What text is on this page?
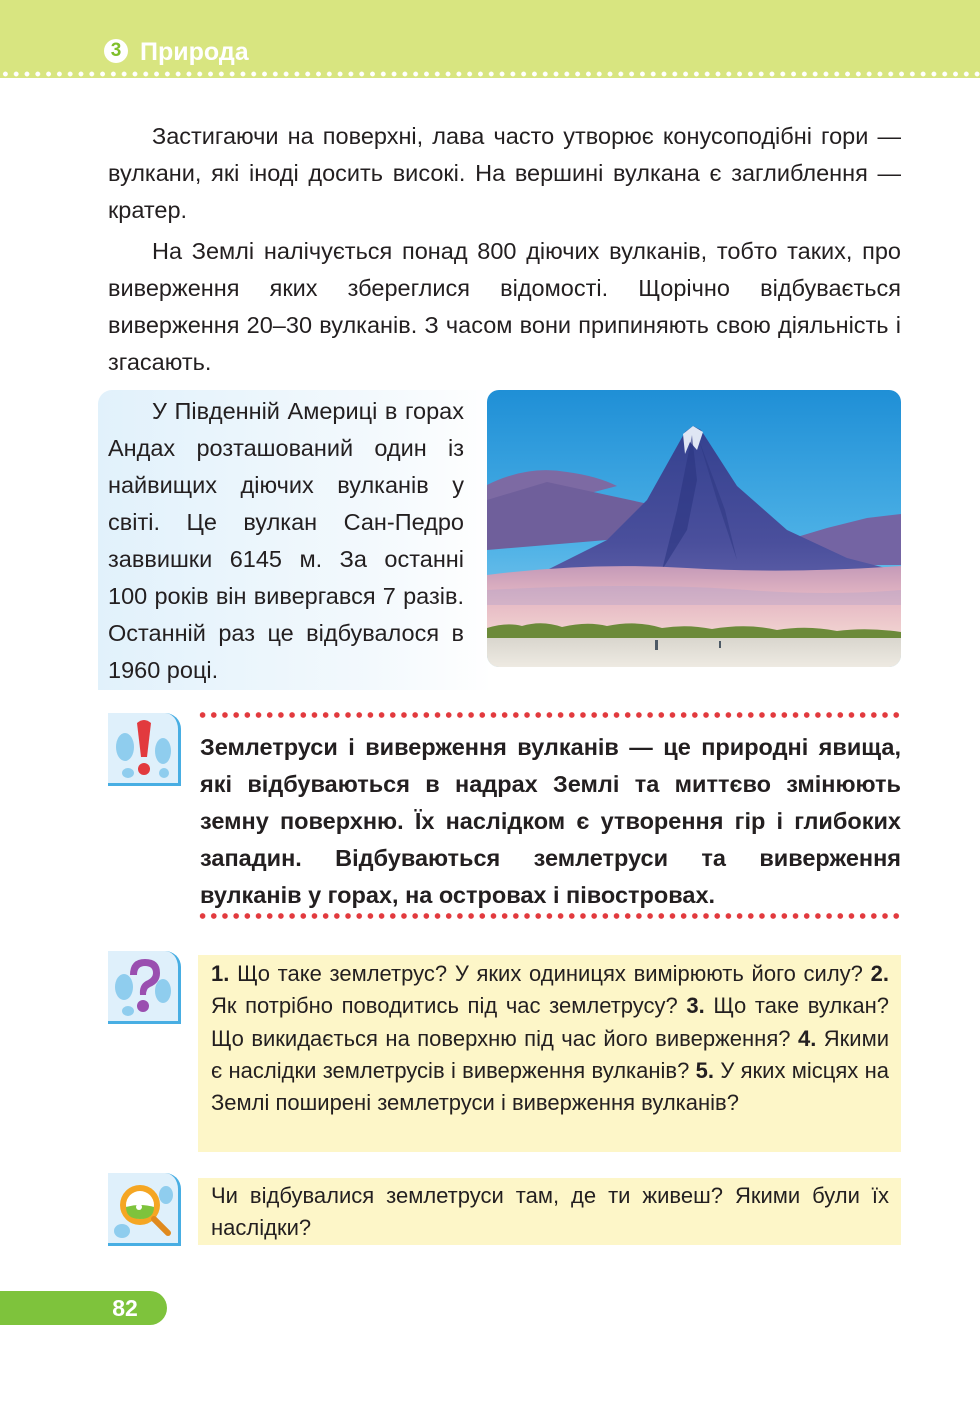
3 Природа

Застигаючи на поверхні, лава часто утворює конусоподібні гори — вулкани, які іноді досить високі. На вершині вулкана є заглиблення — кратер.

На Землі налічується понад 800 діючих вулканів, тобто таких, про виверження яких збереглися відомості. Щорічно відбувається виверження 20–30 вулканів. З часом вони припиняють свою діяльність і згасають.

У Південній Америці в горах Андах розташований один із найвищих діючих вулканів у світі. Це вулкан Сан-Педро заввишки 6145 м. За останні 100 років він вивергався 7 разів. Останній раз це відбувалося в 1960 році.

Землетруси і виверження вулканів — це природні явища, які відбуваються в надрах Землі та миттєво змінюють земну поверхню. Їх наслідком є утворення гір і глибоких западин. Відбуваються землетруси та виверження вулканів у горах, на островах і півостровах.

1. Що таке землетрус? У яких одиницях вимірюють його силу? 2. Як потрібно поводитись під час землетрусу? 3. Що таке вулкан? Що викидається на поверхню під час його виверження? 4. Якими є наслідки землетрусів і виверження вулканів? 5. У яких місцях на Землі поширені землетруси і виверження вулканів?

Чи відбувалися землетруси там, де ти живеш? Якими були їх наслідки?

82
